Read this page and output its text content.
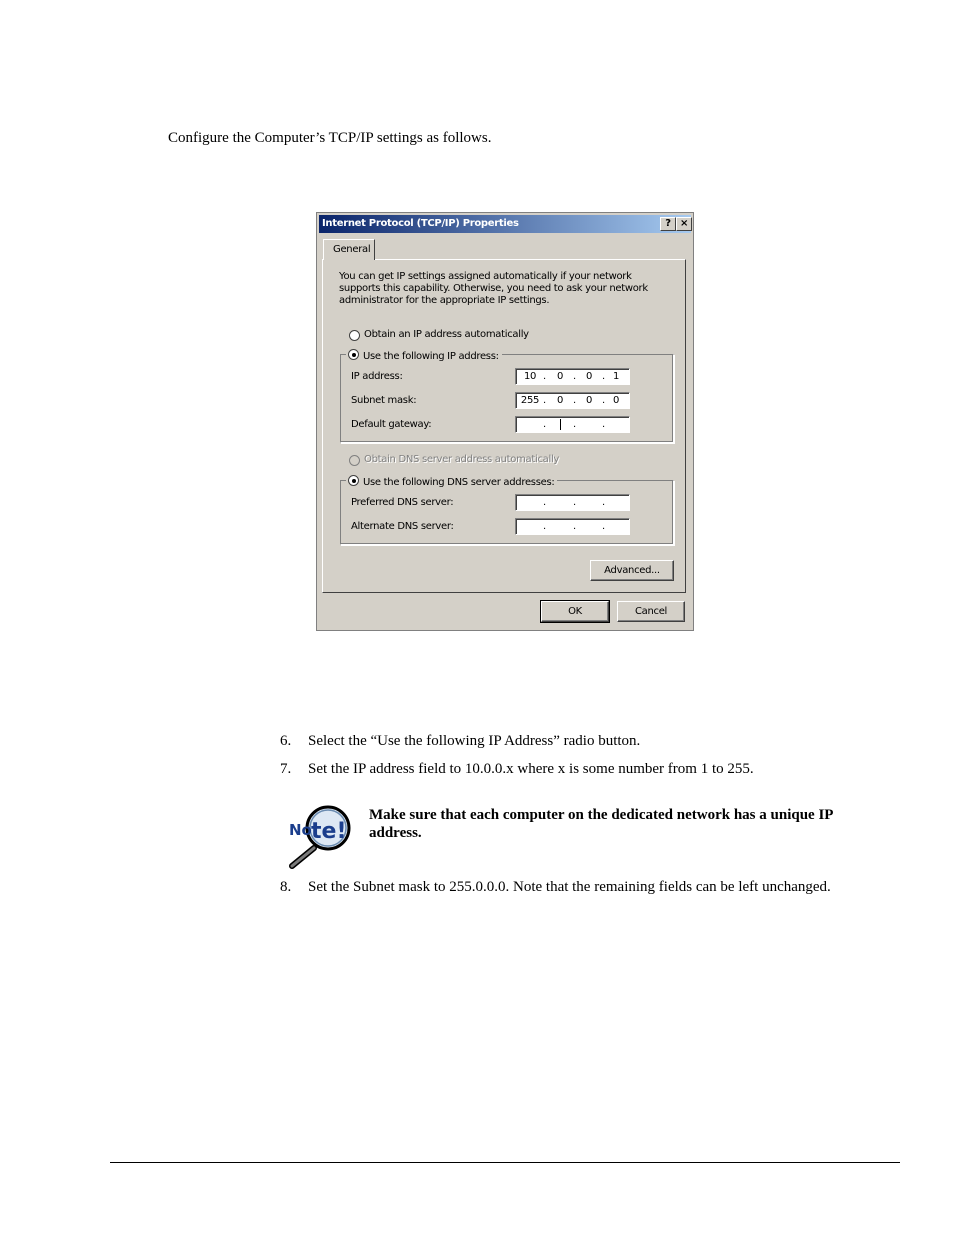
Configure the Computer’s TCP/IP settings as follows.
Internet Protocol (TCP/IP) Properties	? ×
General
You can get IP settings assigned automatically if your network supports this capability. Otherwise, you need to ask your network administrator for the appropriate IP settings.
Obtain an IP address automatically
Use the following IP address:
IP address:	10 .	0 .	0 . 1
Subnet mask:	255 .	0 .	0 . 0
Default gateway:	.	.	.
Obtain DNS server address automatically
Use the following DNS server addresses:
Preferred DNS server:	.	.	.
Alternate DNS server:	.	.	.
Advanced...
OK	Cancel
6. Select the “Use the following IP Address” radio button.
7. Set the IP address field to 10.0.0.x where x is some number from 1 to 255.
No te!
Make sure that each computer on the dedicated network has a unique IP address.
8. Set the Subnet mask to 255.0.0.0. Note that the remaining fields can be left unchanged.
